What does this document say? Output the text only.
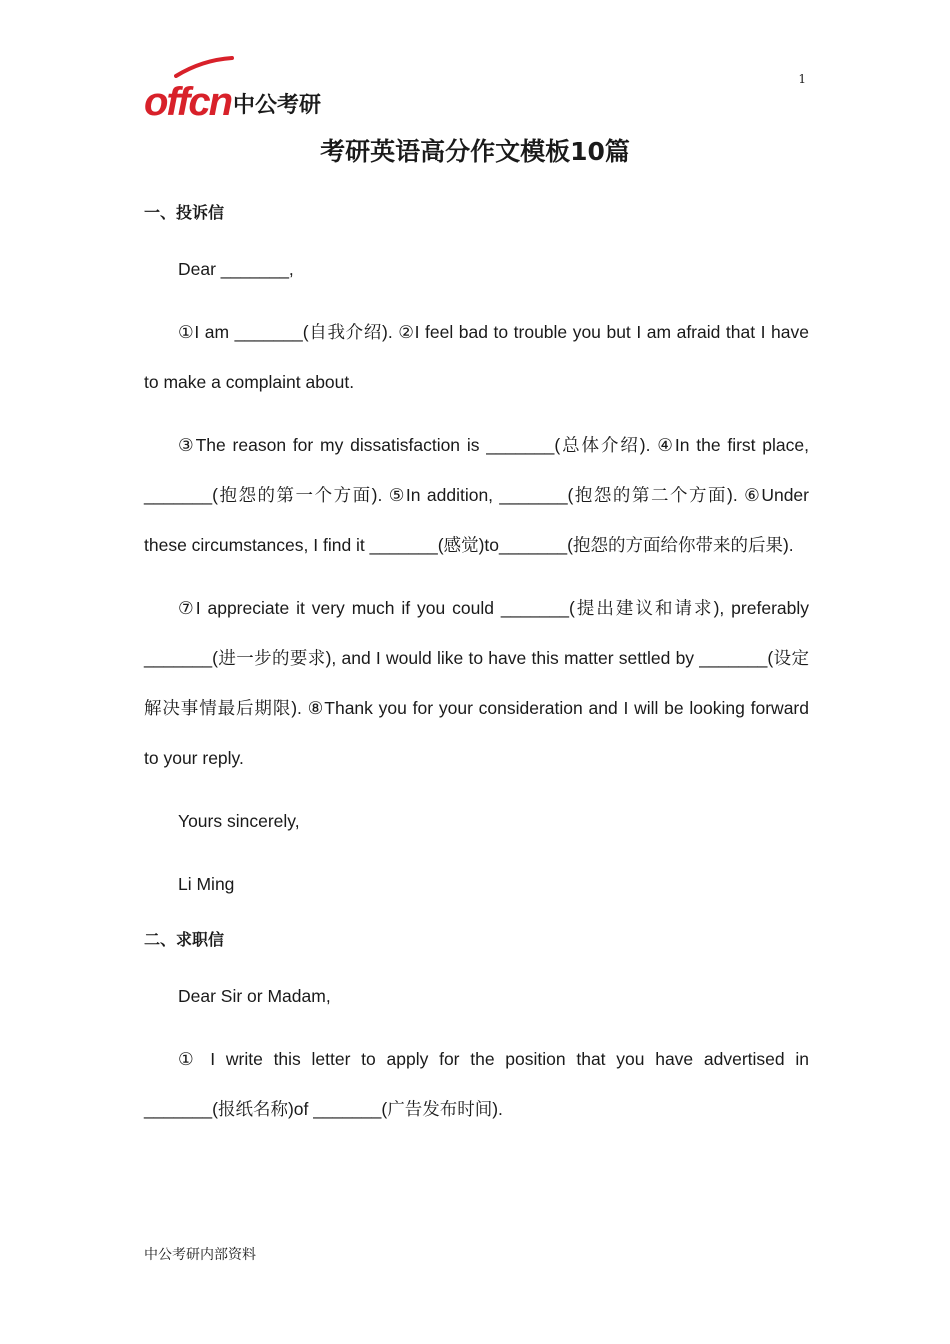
offcn 中公考研
1
考研英语高分作文模板10篇
一、投诉信

Dear _______,

①I am _______(自我介绍). ②I feel bad to trouble you but I am afraid that I have to make a complaint about.

③The reason for my dissatisfaction is _______(总体介绍). ④In the first place, _______(抱怨的第一个方面). ⑤In addition, _______(抱怨的第二个方面). ⑥Under these circumstances, I find it _______(感觉)to_______(抱怨的方面给你带来的后果).

⑦I appreciate it very much if you could _______(提出建议和请求), preferably _______(进一步的要求), and I would like to have this matter settled by _______(设定解决事情最后期限). ⑧Thank you for your consideration and I will be looking forward to your reply.

Yours sincerely,

Li Ming

二、求职信

Dear Sir or Madam,

① I write this letter to apply for the position that you have advertised in _______(报纸名称)of _______(广告发布时间).

中公考研内部资料
